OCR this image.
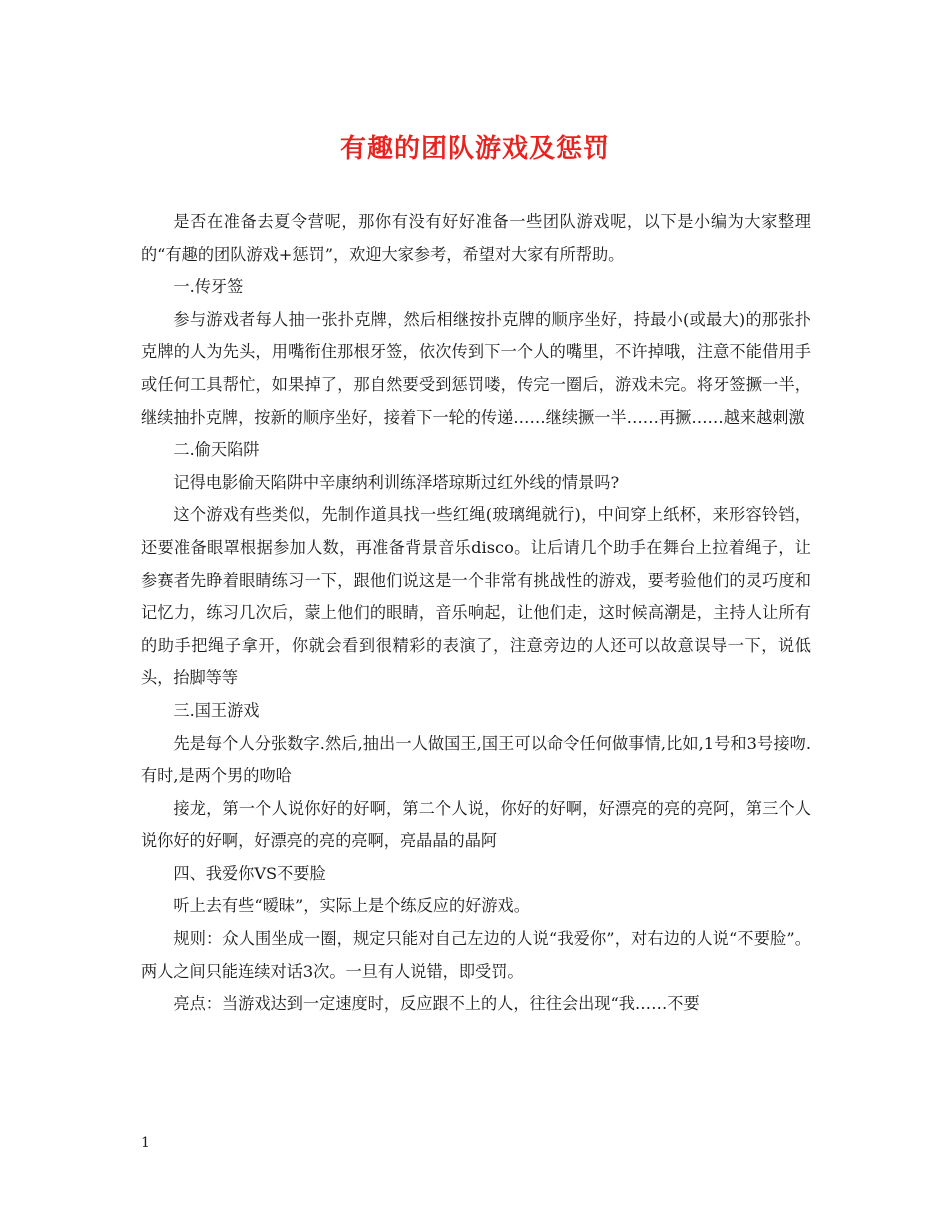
有趣的团队游戏及惩罚

是否在准备去夏令营呢，那你有没有好好准备一些团队游戏呢，以下是小编为大家整理的“有趣的团队游戏+惩罚”，欢迎大家参考，希望对大家有所帮助。

一.传牙签

参与游戏者每人抽一张扑克牌，然后相继按扑克牌的顺序坐好，持最小(或最大)的那张扑克牌的人为先头，用嘴衔住那根牙签，依次传到下一个人的嘴里，不许掉哦，注意不能借用手或任何工具帮忙，如果掉了，那自然要受到惩罚喽，传完一圈后，游戏未完。将牙签撅一半，继续抽扑克牌，按新的顺序坐好，接着下一轮的传递……继续撅一半……再撅……越来越刺激

二.偷天陷阱

记得电影偷天陷阱中辛康纳利训练泽塔琼斯过红外线的情景吗?

这个游戏有些类似，先制作道具找一些红绳(玻璃绳就行)，中间穿上纸杯，来形容铃铛，还要准备眼罩根据参加人数，再准备背景音乐disco。让后请几个助手在舞台上拉着绳子，让参赛者先睁着眼睛练习一下，跟他们说这是一个非常有挑战性的游戏，要考验他们的灵巧度和记忆力，练习几次后，蒙上他们的眼睛，音乐响起，让他们走，这时候高潮是，主持人让所有的助手把绳子拿开，你就会看到很精彩的表演了，注意旁边的人还可以故意误导一下，说低头，抬脚等等

三.国王游戏

先是每个人分张数字.然后,抽出一人做国王,国王可以命令任何做事情,比如,1号和3号接吻.有时,是两个男的吻哈

接龙，第一个人说你好的好啊，第二个人说，你好的好啊，好漂亮的亮的亮阿，第三个人说你好的好啊，好漂亮的亮的亮啊，亮晶晶的晶阿

四、我爱你VS不要脸

听上去有些“暧昧”，实际上是个练反应的好游戏。

规则：众人围坐成一圈，规定只能对自己左边的人说“我爱你”，对右边的人说“不要脸”。两人之间只能连续对话3次。一旦有人说错，即受罚。

亮点：当游戏达到一定速度时，反应跟不上的人，往往会出现“我……不要

1
